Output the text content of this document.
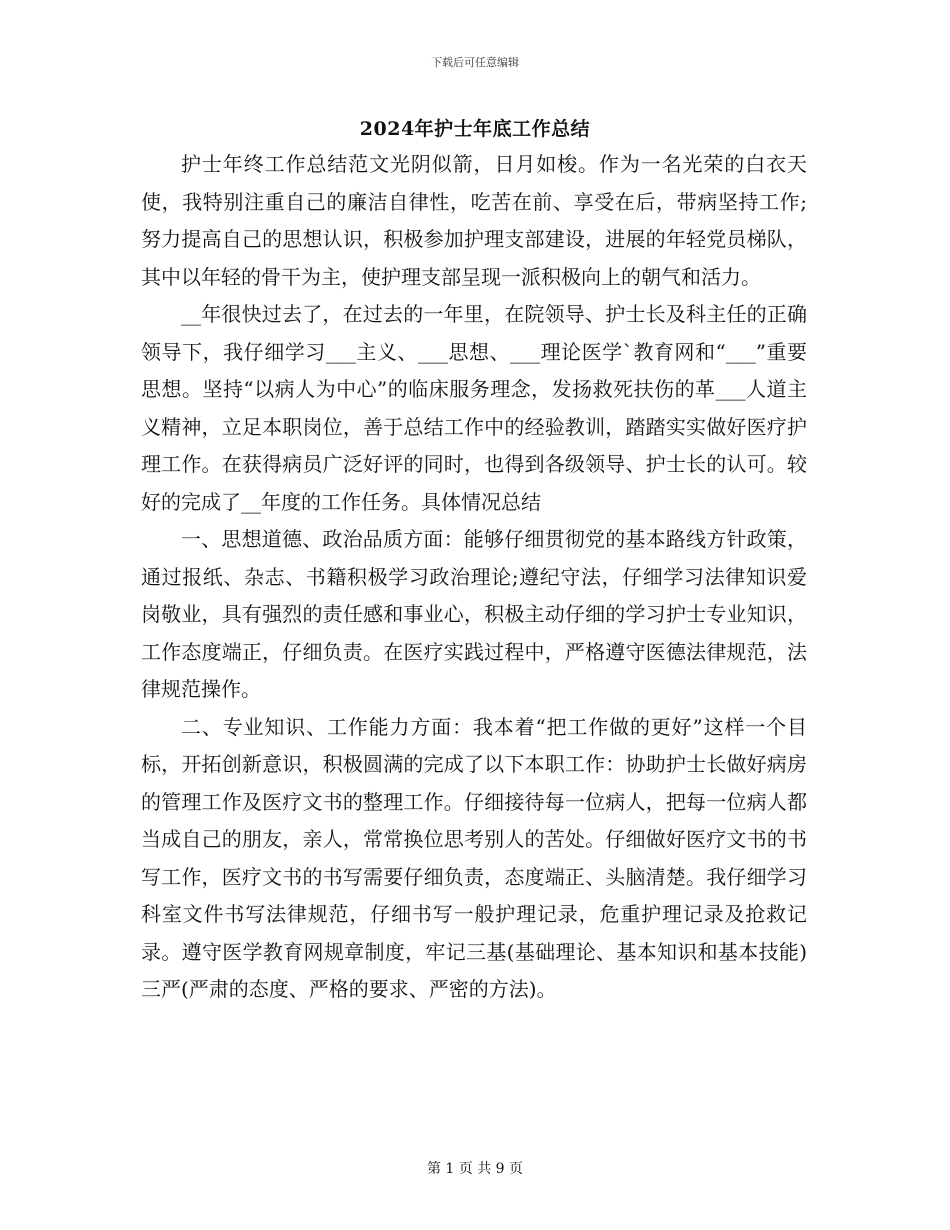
下载后可任意编辑
2024年护士年底工作总结

护士年终工作总结范文光阴似箭，日月如梭。作为一名光荣的白衣天使，我特别注重自己的廉洁自律性，吃苦在前、享受在后，带病坚持工作;努力提高自己的思想认识，积极参加护理支部建设，进展的年轻党员梯队，其中以年轻的骨干为主，使护理支部呈现一派积极向上的朝气和活力。

__年很快过去了，在过去的一年里，在院领导、护士长及科主任的正确领导下，我仔细学习___主义、___思想、___理论医学`教育网和“___”重要思想。坚持“以病人为中心”的临床服务理念，发扬救死扶伤的革___人道主义精神，立足本职岗位，善于总结工作中的经验教训，踏踏实实做好医疗护理工作。在获得病员广泛好评的同时，也得到各级领导、护士长的认可。较好的完成了__年度的工作任务。具体情况总结

一、思想道德、政治品质方面：能够仔细贯彻党的基本路线方针政策，通过报纸、杂志、书籍积极学习政治理论;遵纪守法，仔细学习法律知识爱岗敬业，具有强烈的责任感和事业心，积极主动仔细的学习护士专业知识，工作态度端正，仔细负责。在医疗实践过程中，严格遵守医德法律规范，法律规范操作。

二、专业知识、工作能力方面：我本着“把工作做的更好”这样一个目标，开拓创新意识，积极圆满的完成了以下本职工作：协助护士长做好病房的管理工作及医疗文书的整理工作。仔细接待每一位病人，把每一位病人都当成自己的朋友，亲人，常常换位思考别人的苦处。仔细做好医疗文书的书写工作，医疗文书的书写需要仔细负责，态度端正、头脑清楚。我仔细学习科室文件书写法律规范，仔细书写一般护理记录，危重护理记录及抢救记录。遵守医学教育网规章制度，牢记三基(基础理论、基本知识和基本技能)三严(严肃的态度、严格的要求、严密的方法)。

第 1 页 共 9 页
